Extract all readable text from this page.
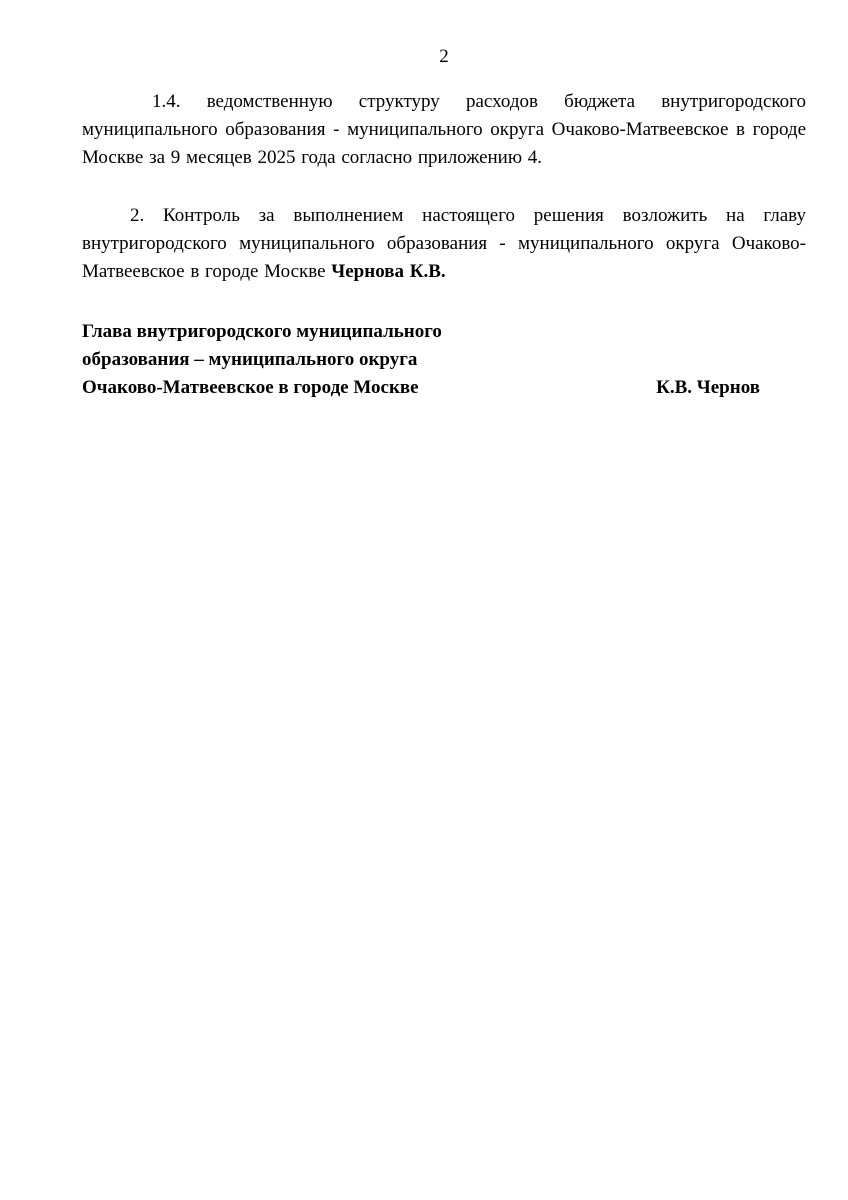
2

1.4. ведомственную структуру расходов бюджета внутригородского муниципального образования - муниципального округа Очаково-Матвеевское в городе Москве за 9 месяцев 2025 года согласно приложению 4.

2. Контроль за выполнением настоящего решения возложить на главу внутригородского муниципального образования - муниципального округа Очаково-Матвеевское в городе Москве Чернова К.В.

Глава внутригородского муниципального
образования – муниципального округа
Очаково-Матвеевское в городе Москве	К.В. Чернов
